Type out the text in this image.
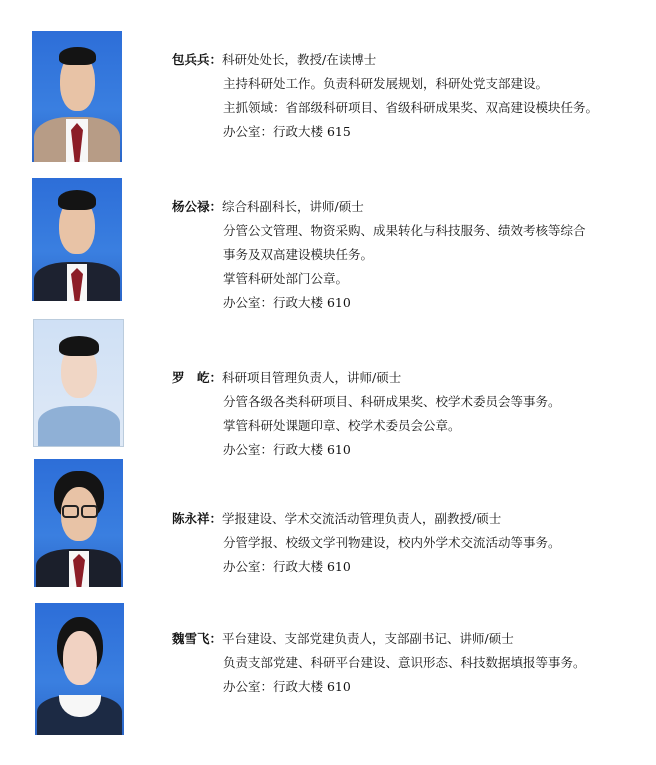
包兵兵：科研处处长，教授/在读博士
主持科研处工作。负责科研发展规划，科研处党支部建设。
主抓领域：省部级科研项目、省级科研成果奖、双高建设模块任务。
办公室：行政大楼 615
杨公禄：综合科副科长，讲师/硕士
分管公文管理、物资采购、成果转化与科技服务、绩效考核等综合
事务及双高建设模块任务。
掌管科研处部门公章。
办公室：行政大楼 610
罗　屹：科研项目管理负责人，讲师/硕士
分管各级各类科研项目、科研成果奖、校学术委员会等事务。
掌管科研处课题印章、校学术委员会公章。
办公室：行政大楼 610
陈永祥：学报建设、学术交流活动管理负责人，副教授/硕士
分管学报、校级文学刊物建设，校内外学术交流活动等事务。
办公室：行政大楼 610
魏雪飞：平台建设、支部党建负责人，支部副书记、讲师/硕士
负责支部党建、科研平台建设、意识形态、科技数据填报等事务。
办公室：行政大楼 610
